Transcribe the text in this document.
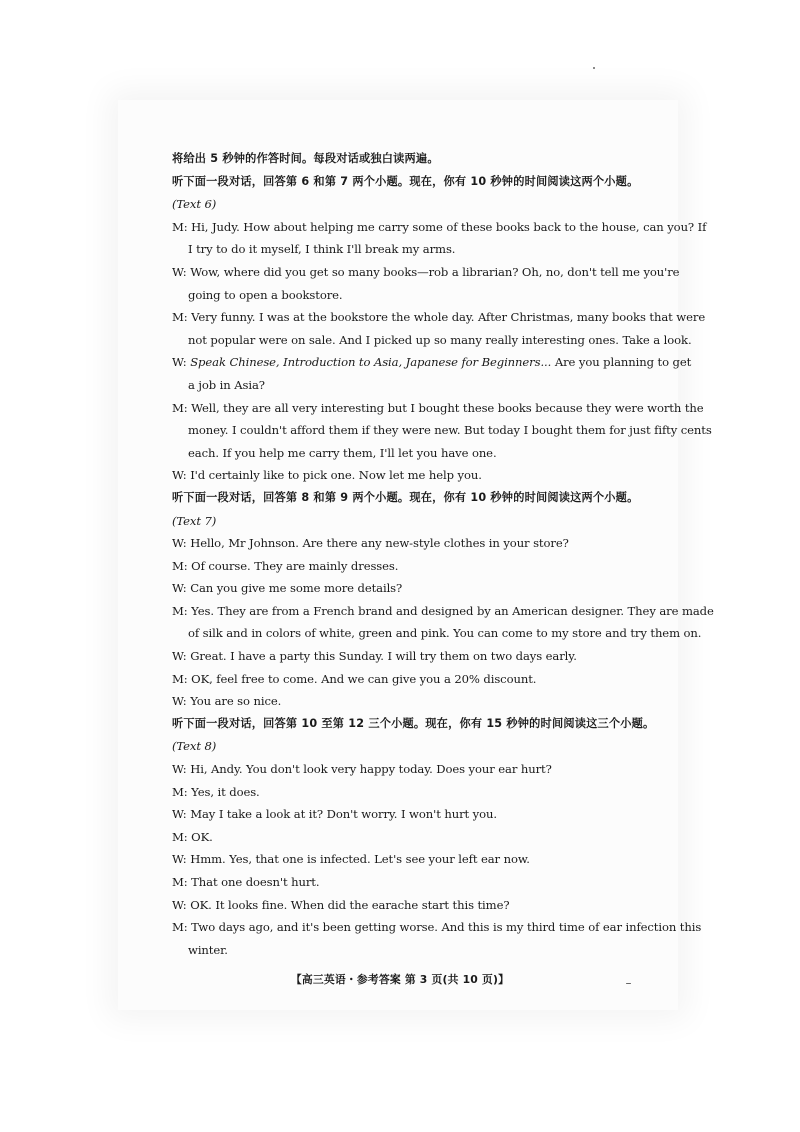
将给出 5 秒钟的作答时间。每段对话或独白读两遍。
听下面一段对话，回答第 6 和第 7 两个小题。现在，你有 10 秒钟的时间阅读这两个小题。
(Text 6)
M: Hi, Judy. How about helping me carry some of these books back to the house, can you? If
I try to do it myself, I think I'll break my arms.
W: Wow, where did you get so many books—rob a librarian? Oh, no, don't tell me you're
going to open a bookstore.
M: Very funny. I was at the bookstore the whole day. After Christmas, many books that were
not popular were on sale. And I picked up so many really interesting ones. Take a look.
W: Speak Chinese, Introduction to Asia, Japanese for Beginners... Are you planning to get
a job in Asia?
M: Well, they are all very interesting but I bought these books because they were worth the
money. I couldn't afford them if they were new. But today I bought them for just fifty cents
each. If you help me carry them, I'll let you have one.
W: I'd certainly like to pick one. Now let me help you.
听下面一段对话，回答第 8 和第 9 两个小题。现在，你有 10 秒钟的时间阅读这两个小题。
(Text 7)
W: Hello, Mr Johnson. Are there any new-style clothes in your store?
M: Of course. They are mainly dresses.
W: Can you give me some more details?
M: Yes. They are from a French brand and designed by an American designer. They are made
of silk and in colors of white, green and pink. You can come to my store and try them on.
W: Great. I have a party this Sunday. I will try them on two days early.
M: OK, feel free to come. And we can give you a 20% discount.
W: You are so nice.
听下面一段对话，回答第 10 至第 12 三个小题。现在，你有 15 秒钟的时间阅读这三个小题。
(Text 8)
W: Hi, Andy. You don't look very happy today. Does your ear hurt?
M: Yes, it does.
W: May I take a look at it? Don't worry. I won't hurt you.
M: OK.
W: Hmm. Yes, that one is infected. Let's see your left ear now.
M: That one doesn't hurt.
W: OK. It looks fine. When did the earache start this time?
M: Two days ago, and it's been getting worse. And this is my third time of ear infection this
winter.
【高三英语・参考答案 第 3 页(共 10 页)】
